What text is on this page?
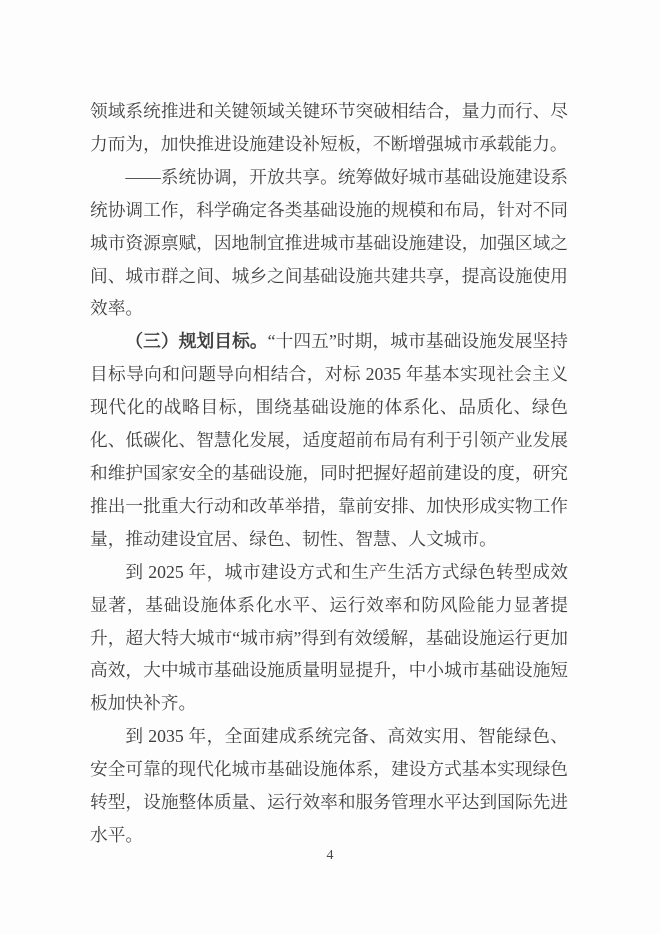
领域系统推进和关键领域关键环节突破相结合，量力而行、尽力而为，加快推进设施建设补短板，不断增强城市承载能力。

——系统协调，开放共享。统筹做好城市基础设施建设系统协调工作，科学确定各类基础设施的规模和布局，针对不同城市资源禀赋，因地制宜推进城市基础设施建设，加强区域之间、城市群之间、城乡之间基础设施共建共享，提高设施使用效率。

（三）规划目标。“十四五”时期，城市基础设施发展坚持目标导向和问题导向相结合，对标 2035 年基本实现社会主义现代化的战略目标，围绕基础设施的体系化、品质化、绿色化、低碳化、智慧化发展，适度超前布局有利于引领产业发展和维护国家安全的基础设施，同时把握好超前建设的度，研究推出一批重大行动和改革举措，靠前安排、加快形成实物工作量，推动建设宜居、绿色、韧性、智慧、人文城市。

到 2025 年，城市建设方式和生产生活方式绿色转型成效显著，基础设施体系化水平、运行效率和防风险能力显著提升，超大特大城市“城市病”得到有效缓解，基础设施运行更加高效，大中城市基础设施质量明显提升，中小城市基础设施短板加快补齐。

到 2035 年，全面建成系统完备、高效实用、智能绿色、安全可靠的现代化城市基础设施体系，建设方式基本实现绿色转型，设施整体质量、运行效率和服务管理水平达到国际先进水平。

4
